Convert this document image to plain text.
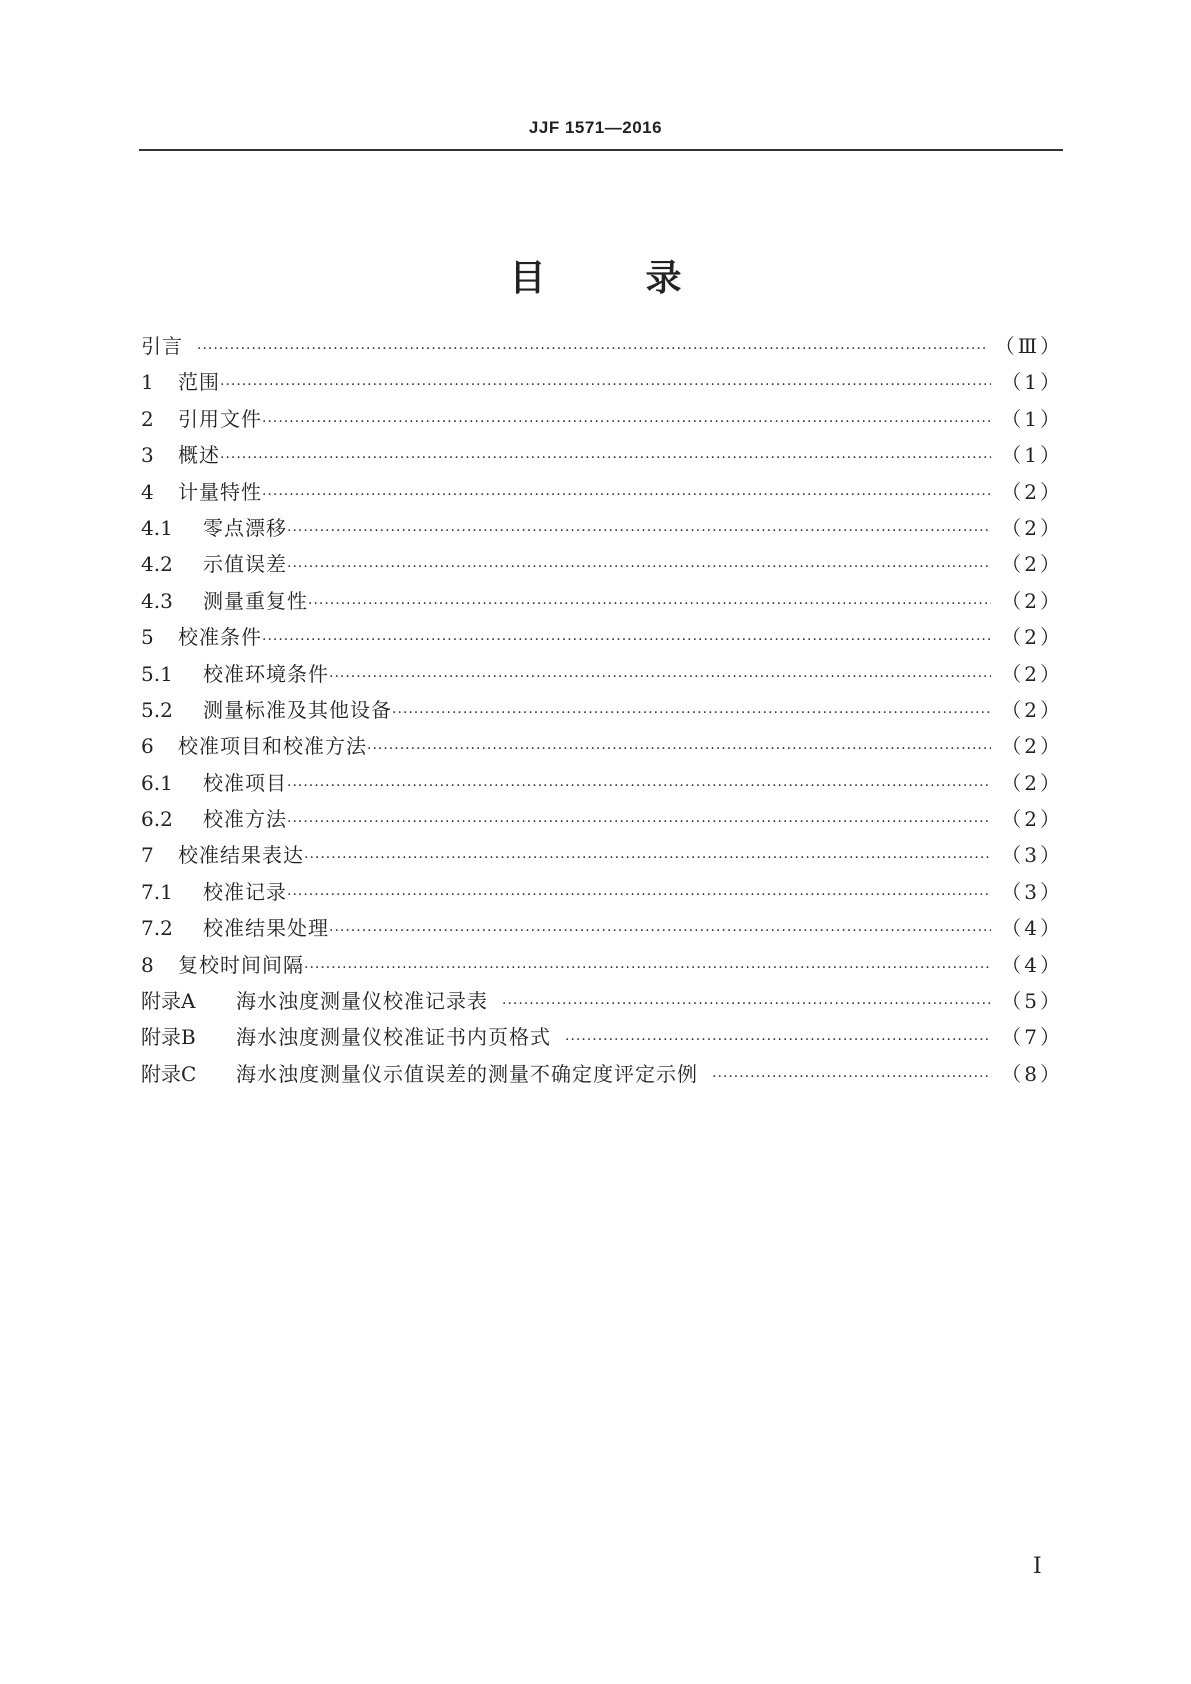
JJF 1571—2016
目	录
引言 ·····	（Ⅲ）
1	范围 ·····	（1）
2	引用文件 ·····	（1）
3	概述 ·····	（1）
4	计量特性 ·····	（2）
4.1	零点漂移 ·····	（2）
4.2	示值误差 ·····	（2）
4.3	测量重复性 ·····	（2）
5	校准条件 ·····	（2）
5.1	校准环境条件 ·····	（2）
5.2	测量标准及其他设备 ·····	（2）
6	校准项目和校准方法 ·····	（2）
6.1	校准项目 ·····	（2）
6.2	校准方法 ·····	（2）
7	校准结果表达 ·····	（3）
7.1	校准记录 ·····	（3）
7.2	校准结果处理 ·····	（4）
8	复校时间间隔 ·····	（4）
附录A	海水浊度测量仪校准记录表 ·····	（5）
附录B	海水浊度测量仪校准证书内页格式 ·····	（7）
附录C	海水浊度测量仪示值误差的测量不确定度评定示例 ·····	（8）
Ⅰ
